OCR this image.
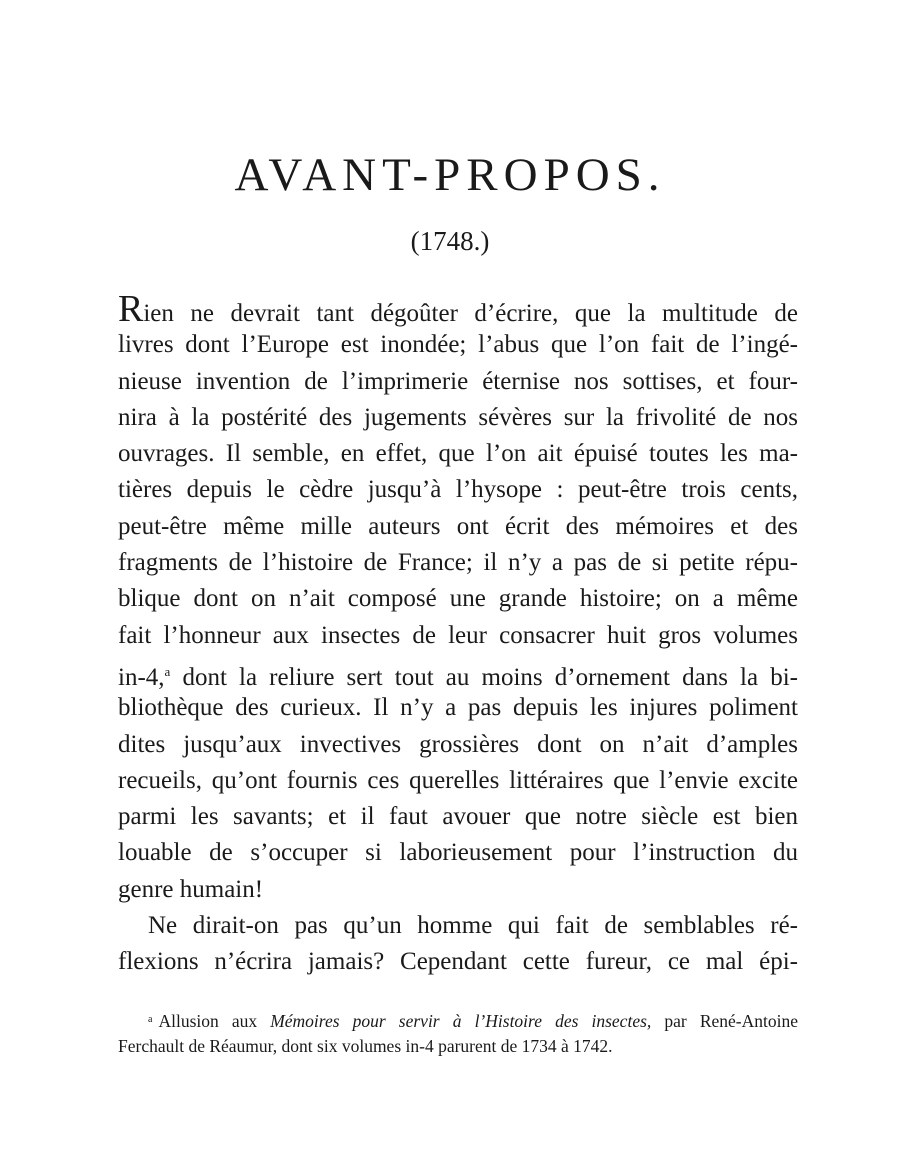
AVANT-PROPOS.
(1748.)
Rien ne devrait tant dégoûter d’écrire, que la multitude de
livres dont l’Europe est inondée; l’abus que l’on fait de l’ingé-
nieuse invention de l’imprimerie éternise nos sottises, et four-
nira à la postérité des jugements sévères sur la frivolité de nos
ouvrages. Il semble, en effet, que l’on ait épuisé toutes les ma-
tières depuis le cèdre jusqu’à l’hysope : peut-être trois cents,
peut-être même mille auteurs ont écrit des mémoires et des
fragments de l’histoire de France; il n’y a pas de si petite répu-
blique dont on n’ait composé une grande histoire; on a même
fait l’honneur aux insectes de leur consacrer huit gros volumes
in-4,$^a$ dont la reliure sert tout au moins d’ornement dans la bi-
bliothèque des curieux. Il n’y a pas depuis les injures poliment
dites jusqu’aux invectives grossières dont on n’ait d’amples
recueils, qu’ont fournis ces querelles littéraires que l’envie excite
parmi les savants; et il faut avouer que notre siècle est bien
louable de s’occuper si laborieusement pour l’instruction du
genre humain!
Ne dirait-on pas qu’un homme qui fait de semblables ré-
flexions n’écrira jamais? Cependant cette fureur, ce mal épi-
$^a$ Allusion aux Mémoires pour servir à l’Histoire des insectes, par René-Antoine
Ferchault de Réaumur, dont six volumes in-4 parurent de 1734 à 1742.
